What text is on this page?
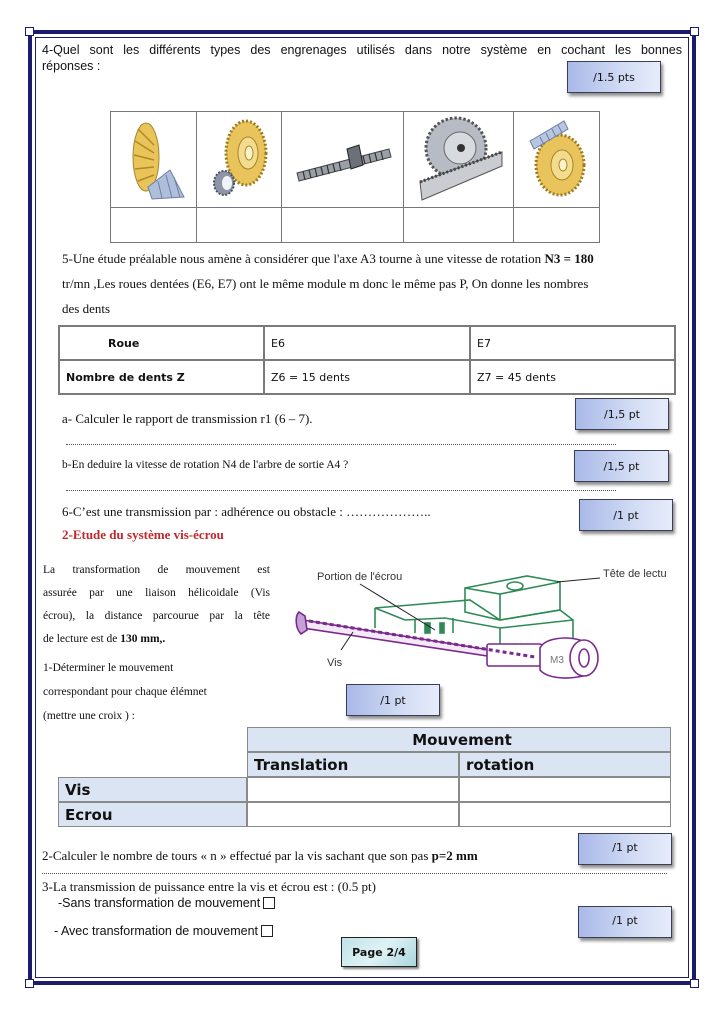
4-Quel sont les différents types des engrenages utilisés dans notre système en cochant les bonnes
réponses :
/1.5 pts

5-Une étude préalable nous amène à considérer que l'axe A3 tourne à une vitesse de rotation N3 = 180
tr/mn ,Les roues dentées (E6, E7) ont le même module m donc le même pas P, On donne les nombres
des dents
Roue	E6	E7
Nombre de dents Z	Z6 = 15 dents	Z7 = 45 dents
a- Calculer le rapport de transmission r1 (6 – 7).	/1,5 pt
b-En deduire la vitesse de rotation N4 de l'arbre de sortie A4 ?	/1,5 pt
6-C’est une transmission par : adhérence ou obstacle : ………………..	/1 pt
2-Etude du système vis-écrou
La transformation de mouvement est
assurée par une liaison hélicoidale (Vis
écrou), la distance parcourue par la tête
de lecture est de 130 mm,.
1-Déterminer le mouvement
correspondant pour chaque élémnet
(mettre une croix ) :
/1 pt
Portion de l'écrou	Tête de lectu
Vis	M3
	Mouvement	
	Translation	rotation
Vis		
Ecrou		
2-Calculer le nombre de tours « n » effectué par la vis sachant que son pas p=2 mm
/1 pt
3-La transmission de puissance entre la vis et écrou est : (0.5 pt)
-Sans transformation de mouvement
- Avec transformation de mouvement
/1 pt
Page 2/4
